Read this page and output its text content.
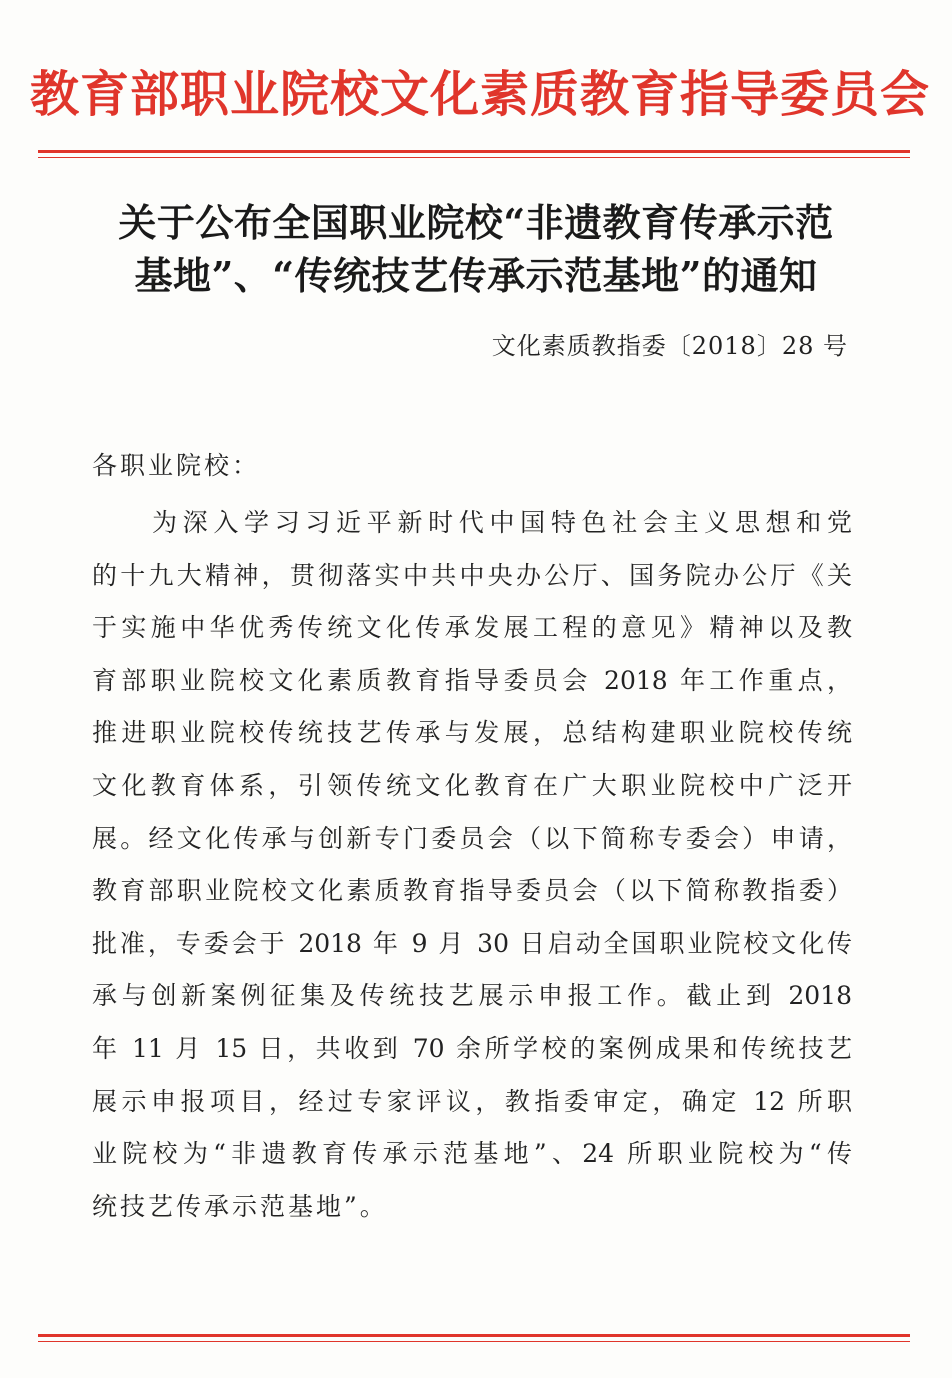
教育部职业院校文化素质教育指导委员会
关于公布全国职业院校“非遗教育传承示范
基地”、“传统技艺传承示范基地”的通知
文化素质教指委〔2018〕28 号
各职业院校：
为深入学习习近平新时代中国特色社会主义思想和党
的十九大精神，贯彻落实中共中央办公厅、国务院办公厅《关
于实施中华优秀传统文化传承发展工程的意见》精神以及教
育部职业院校文化素质教育指导委员会 2018 年工作重点，
推进职业院校传统技艺传承与发展，总结构建职业院校传统
文化教育体系，引领传统文化教育在广大职业院校中广泛开
展。经文化传承与创新专门委员会（以下简称专委会）申请，
教育部职业院校文化素质教育指导委员会（以下简称教指委）
批准，专委会于 2018 年 9 月 30 日启动全国职业院校文化传
承与创新案例征集及传统技艺展示申报工作。截止到 2018
年 11 月 15 日，共收到 70 余所学校的案例成果和传统技艺
展示申报项目，经过专家评议，教指委审定，确定 12 所职
业院校为“非遗教育传承示范基地”、24 所职业院校为“传
统技艺传承示范基地”。
